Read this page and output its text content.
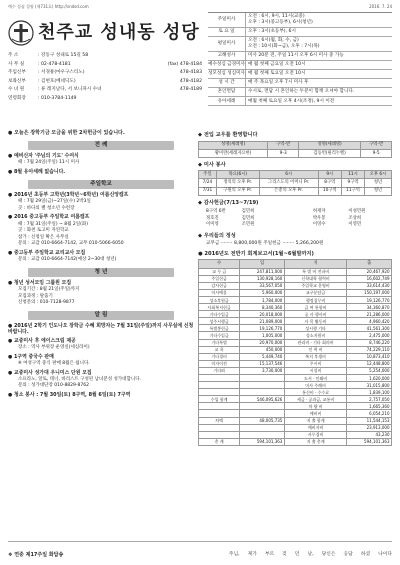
예수 성심 성월 (제731호) http://sndsd.com	2016. 7. 24
천주교 성내동 성당
주 소	: 강동구 성내로 15길 58
사 무 실	: 02-478-4181	(fax) 478-4184
주임신부	: 서경룡(마우구스티노)	478-4183
보좌신부	: 김현호(베네딕도)	478-4182
수 녀 원	: 류 레지날다, 서 보니파시 수녀	478-4189
연령회장	: 010-3784-1149
주일미사
오전 : 6시, 9시, 11시(교중)
오후 : 3시(중고등부), 6시(청년)
토 요 일	오후 : 3시(초등부), 6시
평일미사
오전 : 6시(월, 화, 수, 금)
오전 : 10시(화~금), 오후 : 7시(목)
고해성사	미사 20분 전, 주일 11시 오후 6시 미사 중 가능
예수성심 금경미사 매 월 첫째 금요일 오전 10시
성모성심 성심미사 매 월 첫째 토요일 오전 10시
성 시 간	매 주 목요일 오후 7시 미사 후
혼인면담	수시로, 면담 시 혼인하는 두분이 함께 오셔야 합니다.
유아세례	매월 첫째 토요일 오후 4시(조정), 9시 이전
● 오늘은 장학기금 모금을 위한 2차헌금이 있습니다.
전 례
● 예비신자 '주님의 기도' 수여식
때 : 7월 24일(주일) 11시 미사
● 8월 유아세례 없습니다.
주일학교
● 2016년 초등부 고학년(3학년~6학년) 여름신앙캠프
때 : 7월 29일(금)~27일(수) 2박3일
곳 : 바다의 별 청소년 수련장
● 2016 중고등부 주일학교 여름캠프
때 : 7월 31일(주일) ~ 8월 2일(화)
곳 : 화천 토고미 자연학교
참가 : 신청일 확은 사무실
문의 : 교감 010-6664-7142, 교무 010-5066-6050
● 중고등부 주일학교 교리교사 모집
문의 : 교감 010-6664-7142(예상 2~30대 청년)
청 년
● 청년 성서모임 그룹원 모집
모집기간 : 8월 21일(주일)까지
모집과정 : 탈출기
신청문의 : 010-7128-9877
알 림
● 2016년 2학기 인도나오 장학금 수혜 희망자는 7월 31일(주일)까지 사무실에 신청 바랍니다.
● 교중미사 후 에이스크림 제공
장소 : 역사 부위장 운영실(세심라이)
● 1구역 중국수 판매
※ 여성구역 중식 판매 8월은 쉽니다.
● 교중미사 성가대 우니미스 단원 모집
소프라노, 알토, 테너, 바리스트 구성된 남녀분성 성가대합니다.
문의 : 성가대단장 010-8829-8762
● 청소 봉사 : 7월 30일(토) 8구역, 8월 6일(토) 7구역
◆ 전입 교우를 환영합니다
성명(세례명)	구역-반	성명(세례명)	구역-반
황미란(세례자요한)	9-3	김동빈(필리누벨)	9-5
◆ 미사 봉사
주일	목요(6시)	6시	9시	11시	오후 6시
7/24	정의의 오후 Pr.	그리스도의 어머니 Pr.	8구역	9구역	청년
7/31	구원의 오후 Pr.	은총의 모후 Pr.	10구역	11구역	청년
◆ 감사헌금(7/13~7/19)
8구역 6반	김민희	허재자	이성민원
정호진	김민희	박우봉	조상희
이미영	조민원	이영수	이영민
◆ 우리들의 정성
교무금 ········ 8,800,000원 주일헌금 ········ 5,266,200원
● 2016년도 전반기 회계보고서(1월~6월말까지)
수	입	지	출
교 무 금	247,811,000	특 별 비 전파비	20,467,920
주일헌금	130,928,160	신학대학 협력비	16,602,749
감사헌금	33,567,050	주일학교 운영비	33,614,430
미사예물	5,960,000	교구분담금	150,197,000
성소후원금	1,784,000	행정집무비	19,126,770
사회복지헌금	8,340,360	급 여 통합비	34,360,870
기타수입금	20,018,000	공 사 행사비	21,286,000
성주시행금	21,089,000	사 목 활동비	4,960,420
특별봉헌금	19,126,770	성시행 기타	41,561,300
기타수입금	1,005,000	성소지원비	2,475,000
기타특별	20,970,000	관리비 · 기타 회의비	8,746,220
교 육	450,000	인 력 비	74,229,110
기타경비	5,449,740	복지 후생비	10,873,410
미자이전	15,137,546	주시비	12,448,800
기타외	3,730,000	시설비	5,254,000
		도서 · 인쇄비	1,620,000
		미사 주례비	31,015,800
		통신비 · 수수료	1,839,100
수입 합계	546,095,626	세금 · 공과금, 교통비	2,757,050
		차 량 비	1,665,360
		예비비	6,054,210
차액	48,005,735	지 출 합계	11,544,153
		예비자비	23,913,000
		사무경비	43,230
총 계	594,101,363	지 출 총계	594,101,363
❖ 연중 제17주일 화답송	주님, 제가 부르 짖 던 날, 당신은 응답 하셨 나이다
